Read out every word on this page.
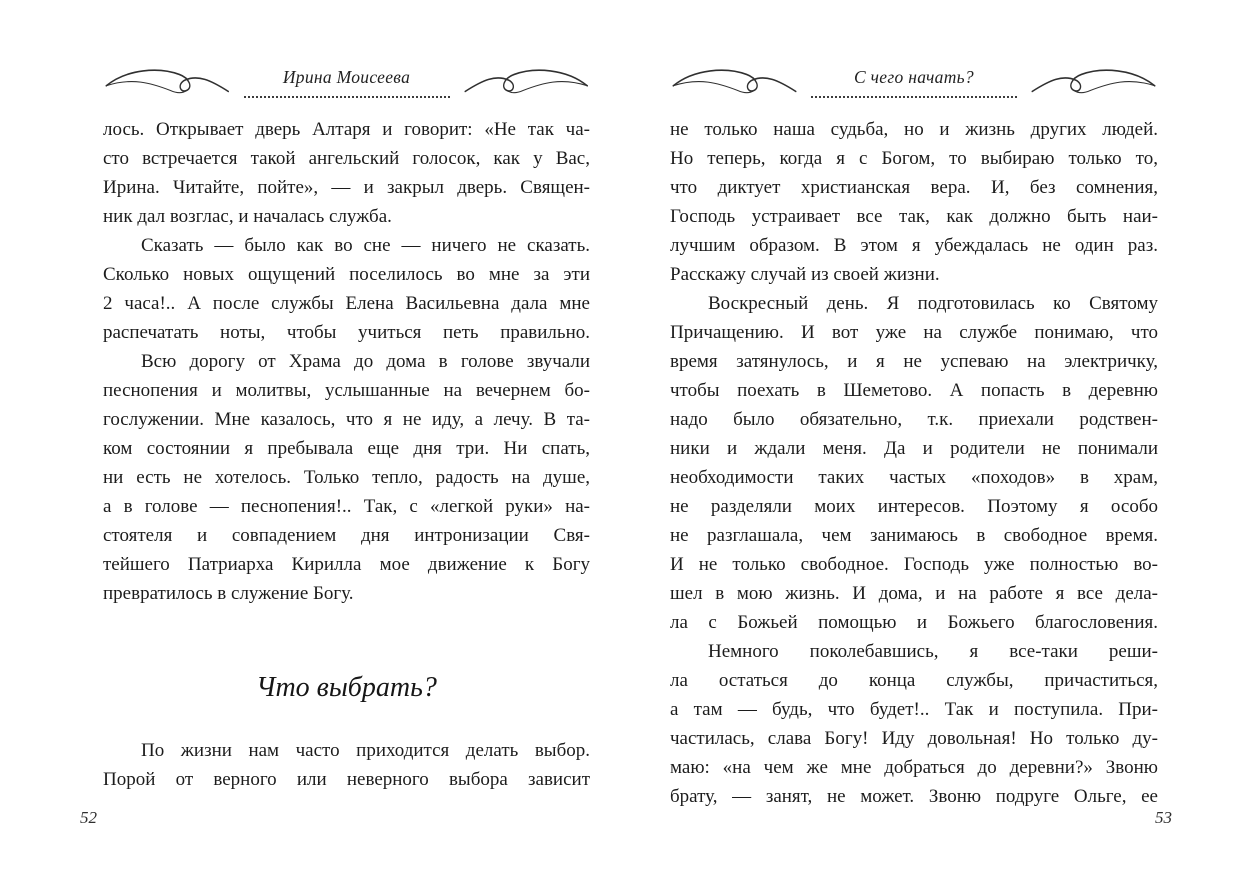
Ирина Моисеева
лось. Открывает дверь Алтаря и говорит: «Не так ча-
сто встречается такой ангельский голосок, как у Вас,
Ирина. Читайте, пойте», — и закрыл дверь. Священ-
ник дал возглас, и началась служба.
Сказать — было как во сне — ничего не сказать.
Сколько новых ощущений поселилось во мне за эти
2 часа!.. А после службы Елена Васильевна дала мне
распечатать ноты, чтобы учиться петь правильно.
Всю дорогу от Храма до дома в голове звучали
песнопения и молитвы, услышанные на вечернем бо-
гослужении. Мне казалось, что я не иду, а лечу. В та-
ком состоянии я пребывала еще дня три. Ни спать,
ни есть не хотелось. Только тепло, радость на душе,
а в голове — песнопения!.. Так, с «легкой руки» на-
стоятеля и совпадением дня интронизации Свя-
тейшего Патриарха Кирилла мое движение к Богу
превратилось в служение Богу.
Что выбрать?
По жизни нам часто приходится делать выбор.
Порой от верного или неверного выбора зависит
С чего начать?
не только наша судьба, но и жизнь других людей.
Но теперь, когда я с Богом, то выбираю только то,
что диктует христианская вера. И, без сомнения,
Господь устраивает все так, как должно быть наи-
лучшим образом. В этом я убеждалась не один раз.
Расскажу случай из своей жизни.
Воскресный день. Я подготовилась ко Святому
Причащению. И вот уже на службе понимаю, что
время затянулось, и я не успеваю на электричку,
чтобы поехать в Шеметово. А попасть в деревню
надо было обязательно, т.к. приехали родствен-
ники и ждали меня. Да и родители не понимали
необходимости таких частых «походов» в храм,
не разделяли моих интересов. Поэтому я особо
не разглашала, чем занимаюсь в свободное время.
И не только свободное. Господь уже полностью во-
шел в мою жизнь. И дома, и на работе я все дела-
ла с Божьей помощью и Божьего благословения.
Немного поколебавшись, я все-таки реши-
ла остаться до конца службы, причаститься,
а там — будь, что будет!.. Так и поступила. При-
частилась, слава Богу! Иду довольная! Но только ду-
маю: «на чем же мне добраться до деревни?» Звоню
брату, — занят, не может. Звоню подруге Ольге, ее
52	53
